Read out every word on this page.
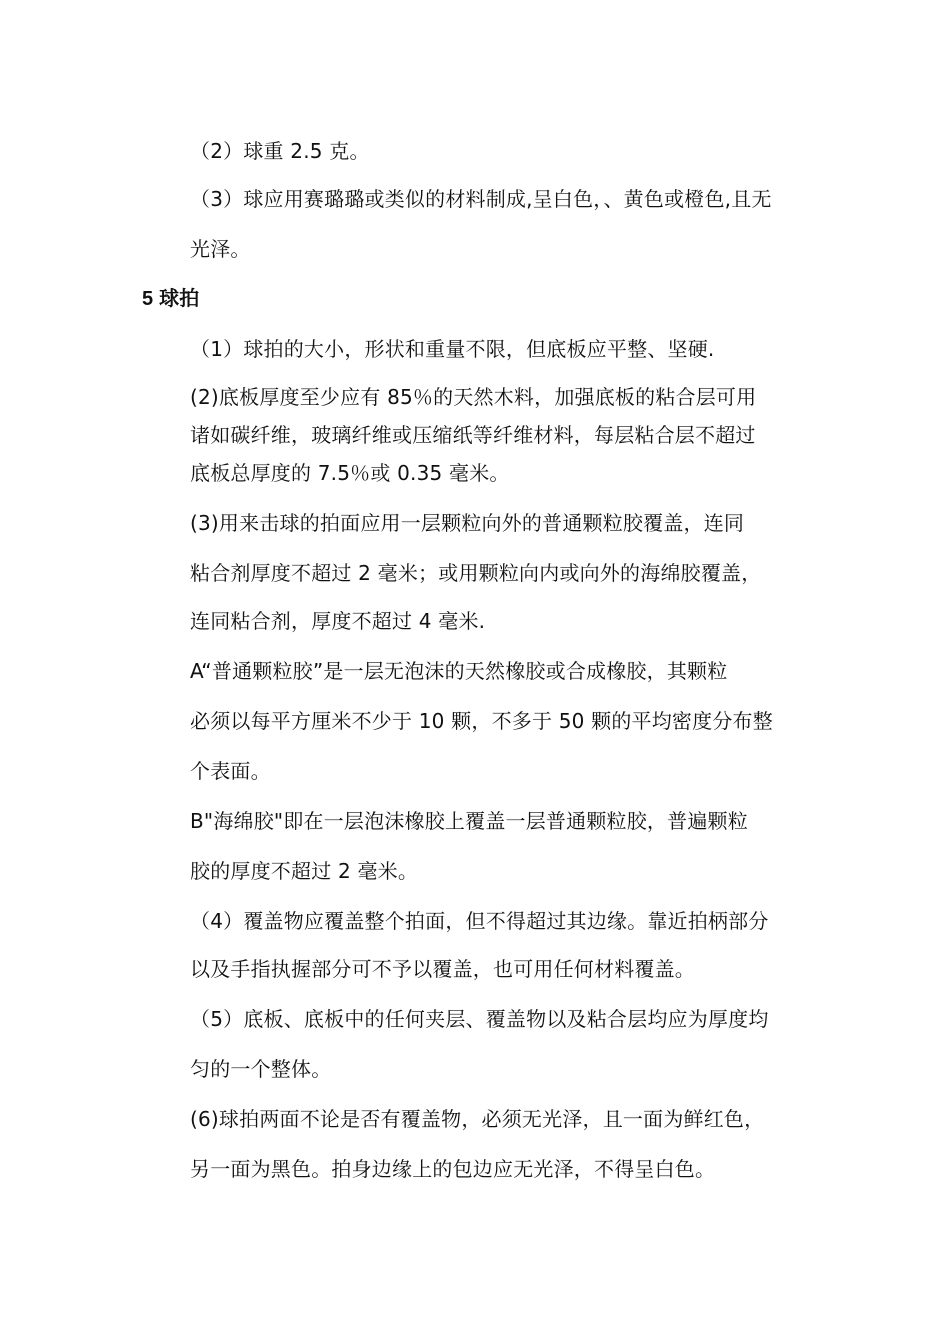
（2）球重 2.5 克。
（3）球应用赛璐璐或类似的材料制成,呈白色，、黄色或橙色,且无
光泽。
5 球拍
（1）球拍的大小，形状和重量不限，但底板应平整、坚硬.
(2)底板厚度至少应有 85％的天然木料，加强底板的粘合层可用
诸如碳纤维，玻璃纤维或压缩纸等纤维材料，每层粘合层不超过
底板总厚度的 7.5％或 0.35 毫米。
(3)用来击球的拍面应用一层颗粒向外的普通颗粒胶覆盖，连同
粘合剂厚度不超过 2 毫米；或用颗粒向内或向外的海绵胶覆盖，
连同粘合剂，厚度不超过 4 毫米.
A“普通颗粒胶”是一层无泡沫的天然橡胶或合成橡胶，其颗粒
必须以每平方厘米不少于 10 颗，不多于 50 颗的平均密度分布整
个表面。
B"海绵胶"即在一层泡沫橡胶上覆盖一层普通颗粒胶，普遍颗粒
胶的厚度不超过 2 毫米。
（4）覆盖物应覆盖整个拍面，但不得超过其边缘。靠近拍柄部分
以及手指执握部分可不予以覆盖，也可用任何材料覆盖。
（5）底板、底板中的任何夹层、覆盖物以及粘合层均应为厚度均
匀的一个整体。
(6)球拍两面不论是否有覆盖物，必须无光泽，且一面为鲜红色，
另一面为黑色。拍身边缘上的包边应无光泽，不得呈白色。
